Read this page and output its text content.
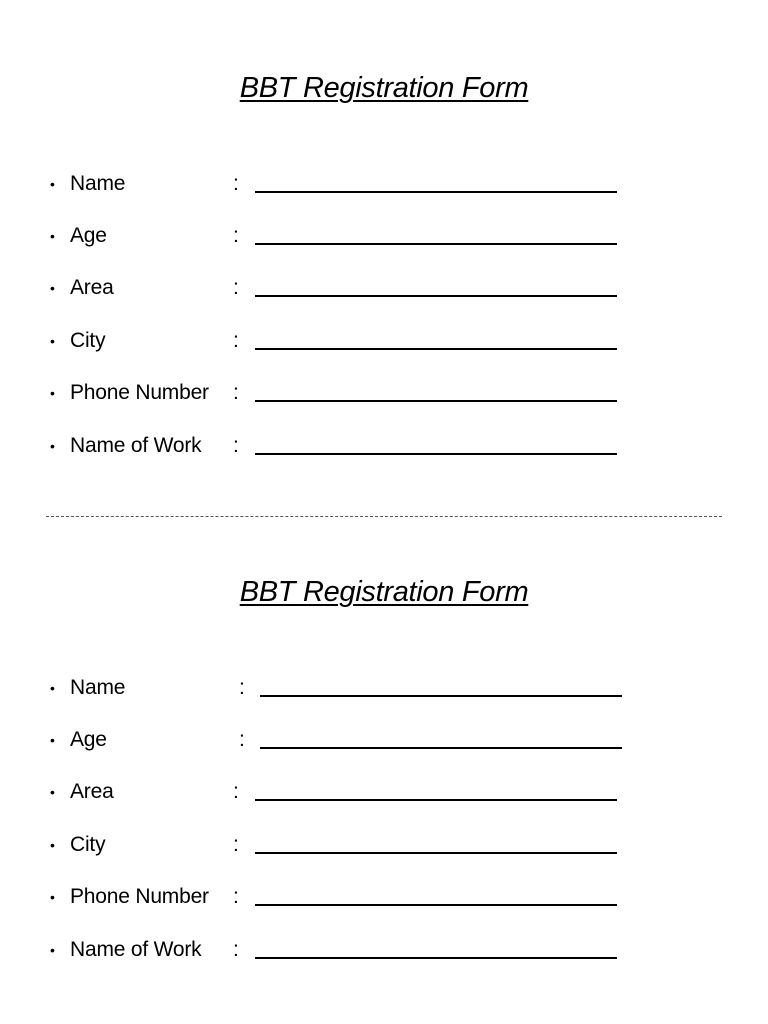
BBT Registration Form
• Name	:
• Age	:
• Area	:
• City	:
• Phone Number :
• Name of Work :
BBT Registration Form
• Name	:
• Age	:
• Area	:
• City	:
• Phone Number :
• Name of Work :
